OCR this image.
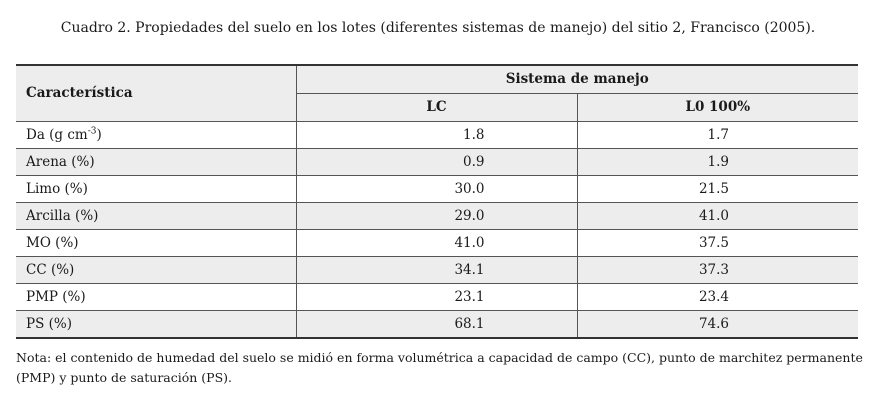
Cuadro 2. Propiedades del suelo en los lotes (diferentes sistemas de manejo) del sitio 2, Francisco (2005).
Característica	Sistema de manejo	
	LC	L0 100%
Da (g $cm^{-3}$)	1.8	1.7
Arena (%)	0.9	1.9
Limo (%)	30.0	21.5
Arcilla (%)	29.0	41.0
MO (%)	41.0	37.5
CC (%)	34.1	37.3
PMP (%)	23.1	23.4
PS (%)	68.1	74.6
Nota: el contenido de humedad del suelo se midió en forma volumétrica a capacidad de campo (CC), punto de marchitez permanente (PMP) y punto de saturación (PS).
